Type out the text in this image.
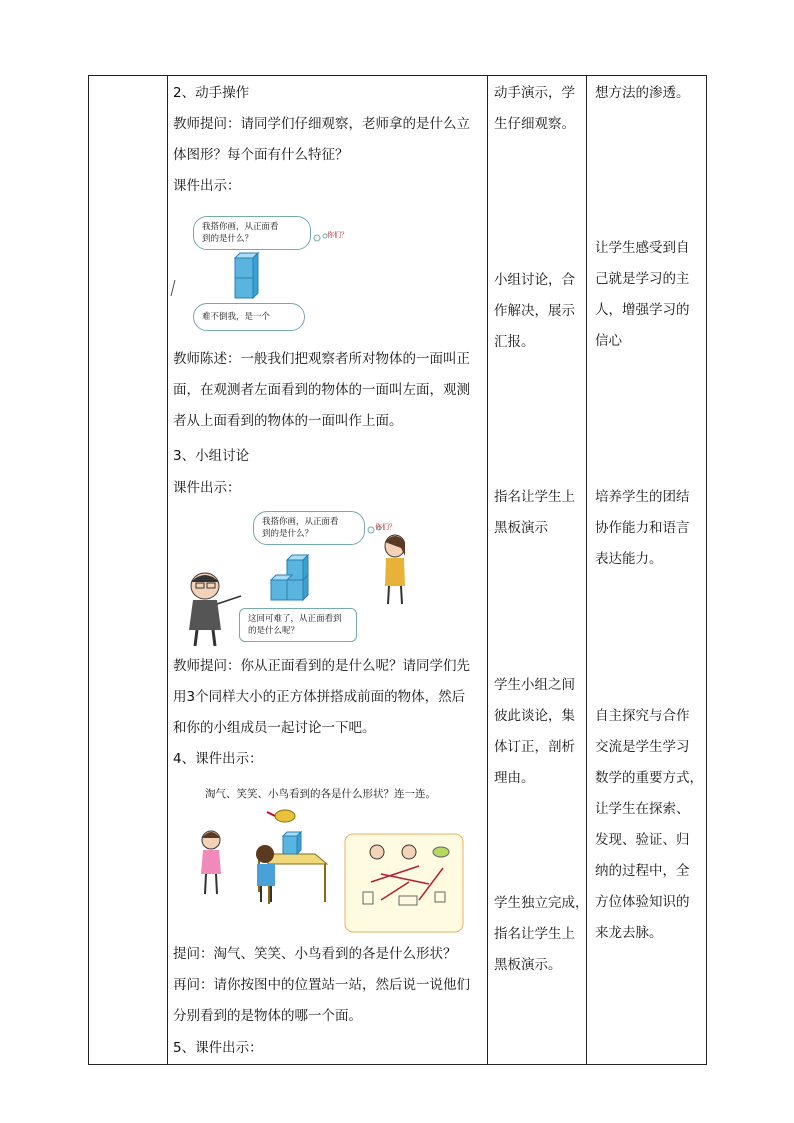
2、动手操作
教师提问：请同学们仔细观察，老师拿的是什么立
体图形？每个面有什么特征？
课件出示：
我搭你画，从正面看
到的是什么？	你们？
难不倒我，是一个
教师陈述：一般我们把观察者所对物体的一面叫正
面，在观测者左面看到的物体的一面叫左面，观测
者从上面看到的物体的一面叫作上面。
3、小组讨论
课件出示：
我搭你画，从正面看
到的是什么？
你们？
这回可难了，从正面看到
的是什么呢？
教师提问：你从正面看到的是什么呢？请同学们先
用3个同样大小的正方体拼搭成前面的物体，然后
和你的小组成员一起讨论一下吧。
4、课件出示：
淘气、笑笑、小鸟看到的各是什么形状？连一连。
提问：淘气、笑笑、小鸟看到的各是什么形状？
再问：请你按图中的位置站一站，然后说一说他们
分别看到的是物体的哪一个面。
5、课件出示：
动手演示，学
生仔细观察。
小组讨论，合
作解决，展示
汇报。
指名让学生上
黑板演示
学生小组之间
彼此谈论，集
体订正，剖析
理由。
学生独立完成，
指名让学生上
黑板演示。
想方法的渗透。
让学生感受到自
己就是学习的主
人，增强学习的
信心
培养学生的团结
协作能力和语言
表达能力。
自主探究与合作
交流是学生学习
数学的重要方式，
让学生在探索、
发现、验证、归
纳的过程中，全
方位体验知识的
来龙去脉。
